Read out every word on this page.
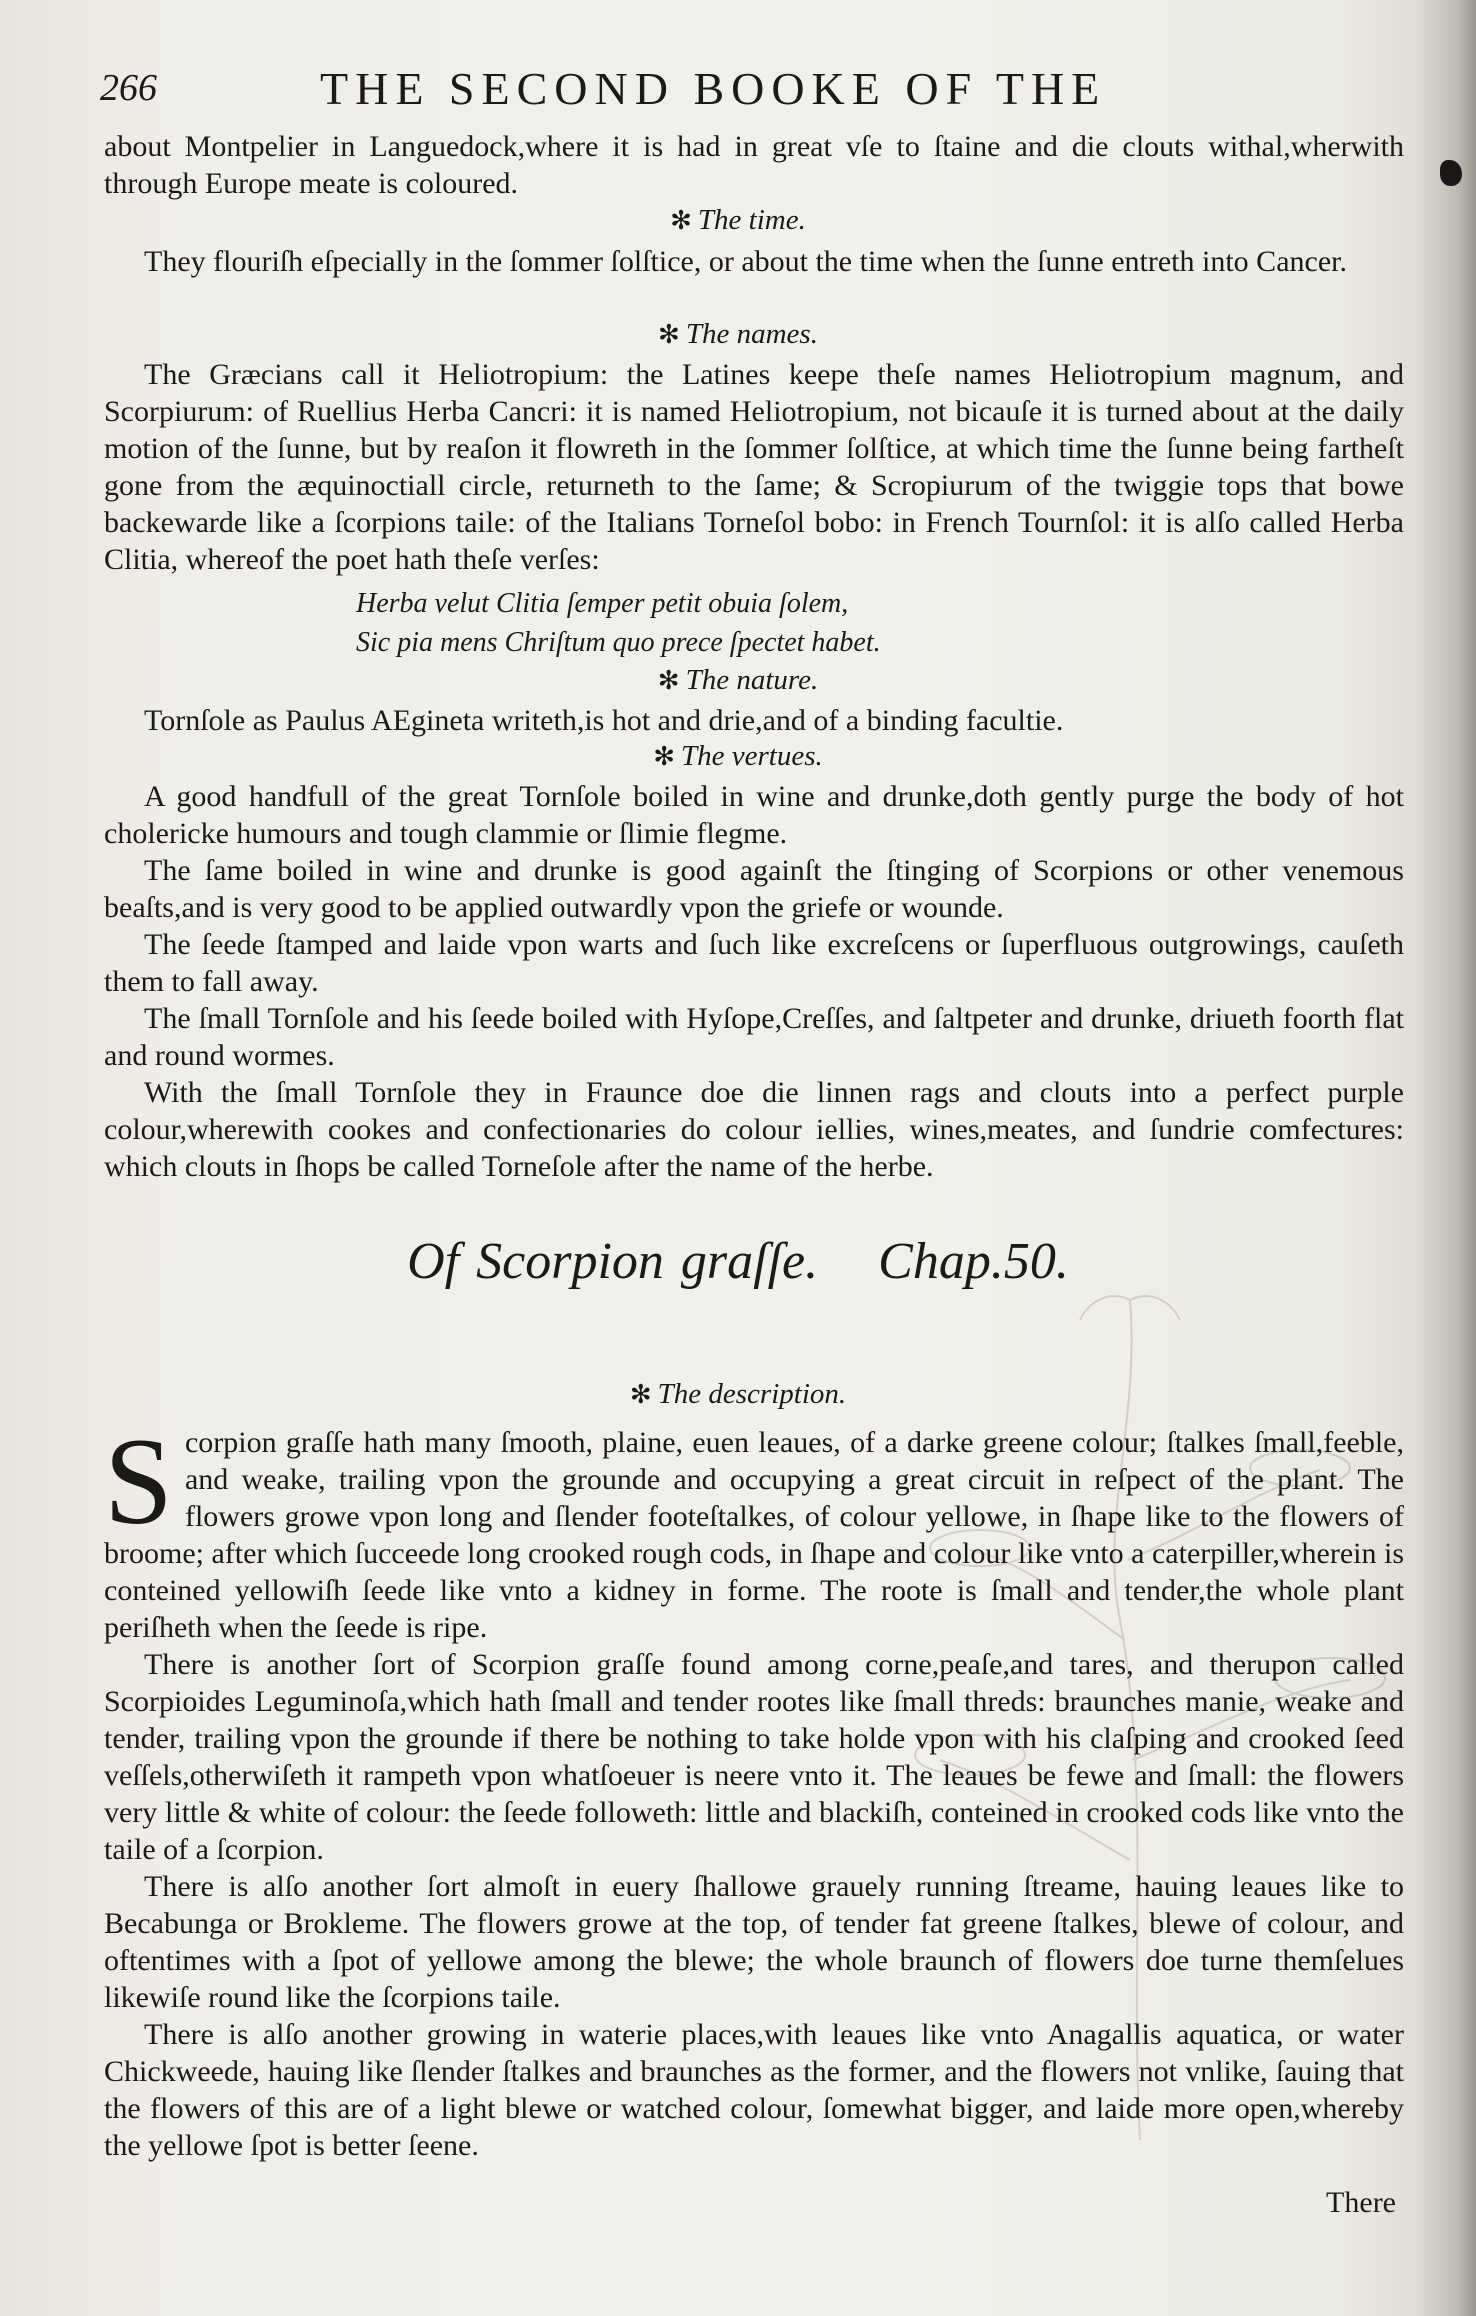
266	THE SECOND BOOKE OF THE

about Montpelier in Languedock,where it is had in great vſe to ſtaine and die clouts withal,wherwith through Europe meate is coloured.

✻ The time.

They flouriſh eſpecially in the ſommer ſolſtice, or about the time when the ſunne entreth into Cancer.

✻ The names.

The Græcians call it Heliotropium: the Latines keepe theſe names Heliotropium magnum, and Scorpiurum: of Ruellius Herba Cancri: it is named Heliotropium, not bicauſe it is turned about at the daily motion of the ſunne, but by reaſon it flowreth in the ſommer ſolſtice, at which time the ſunne being fartheſt gone from the æquinoctiall circle, returneth to the ſame; & Scropiurum of the twiggie tops that bowe backewarde like a ſcorpions taile: of the Italians Torneſol bobo: in French Tournſol: it is alſo called Herba Clitia, whereof the poet hath theſe verſes:

Herba velut Clitia ſemper petit obuia ſolem,
Sic pia mens Chriſtum quo prece ſpectet habet.
✻ The nature.

Tornſole as Paulus AEgineta writeth,is hot and drie,and of a binding facultie.

✻ The vertues.

A good handfull of the great Tornſole boiled in wine and drunke,doth gently purge the body of hot cholericke humours and tough clammie or ſlimie flegme.

The ſame boiled in wine and drunke is good againſt the ſtinging of Scorpions or other venemous beaſts,and is very good to be applied outwardly vpon the griefe or wounde.

The ſeede ſtamped and laide vpon warts and ſuch like excreſcens or ſuperfluous outgrowings, cauſeth them to fall away.

The ſmall Tornſole and his ſeede boiled with Hyſope,Creſſes, and ſaltpeter and drunke, driueth foorth flat and round wormes.

With the ſmall Tornſole they in Fraunce doe die linnen rags and clouts into a perfect purple colour,wherewith cookes and confectionaries do colour iellies, wines,meates, and ſundrie comfectures: which clouts in ſhops be called Torneſole after the name of the herbe.

Of Scorpion graſſe. Chap.50.
✻ The description.

Scorpion graſſe hath many ſmooth, plaine, euen leaues, of a darke greene colour; ſtalkes ſmall,feeble, and weake, trailing vpon the grounde and occupying a great circuit in reſpect of the plant. The flowers growe vpon long and ſlender footeſtalkes, of colour yellowe, in ſhape like to the flowers of broome; after which ſucceede long crooked rough cods, in ſhape and colour like vnto a caterpiller,wherein is conteined yellowiſh ſeede like vnto a kidney in forme. The roote is ſmall and tender,the whole plant periſheth when the ſeede is ripe.

There is another ſort of Scorpion graſſe found among corne,peaſe,and tares, and therupon called Scorpioides Leguminoſa,which hath ſmall and tender rootes like ſmall threds: braunches manie, weake and tender, trailing vpon the grounde if there be nothing to take holde vpon with his claſping and crooked ſeed veſſels,otherwiſeth it rampeth vpon whatſoeuer is neere vnto it. The leaues be fewe and ſmall: the flowers very little & white of colour: the ſeede followeth: little and blackiſh, conteined in crooked cods like vnto the taile of a ſcorpion.

There is alſo another ſort almoſt in euery ſhallowe grauely running ſtreame, hauing leaues like to Becabunga or Brokleme. The flowers growe at the top, of tender fat greene ſtalkes, blewe of colour, and oftentimes with a ſpot of yellowe among the blewe; the whole braunch of flowers doe turne themſelues likewiſe round like the ſcorpions taile.

There is alſo another growing in waterie places,with leaues like vnto Anagallis aquatica, or water Chickweede, hauing like ſlender ſtalkes and braunches as the former, and the flowers not vnlike, ſauing that the flowers of this are of a light blewe or watched colour, ſomewhat bigger, and laide more open,whereby the yellowe ſpot is better ſeene.

There
